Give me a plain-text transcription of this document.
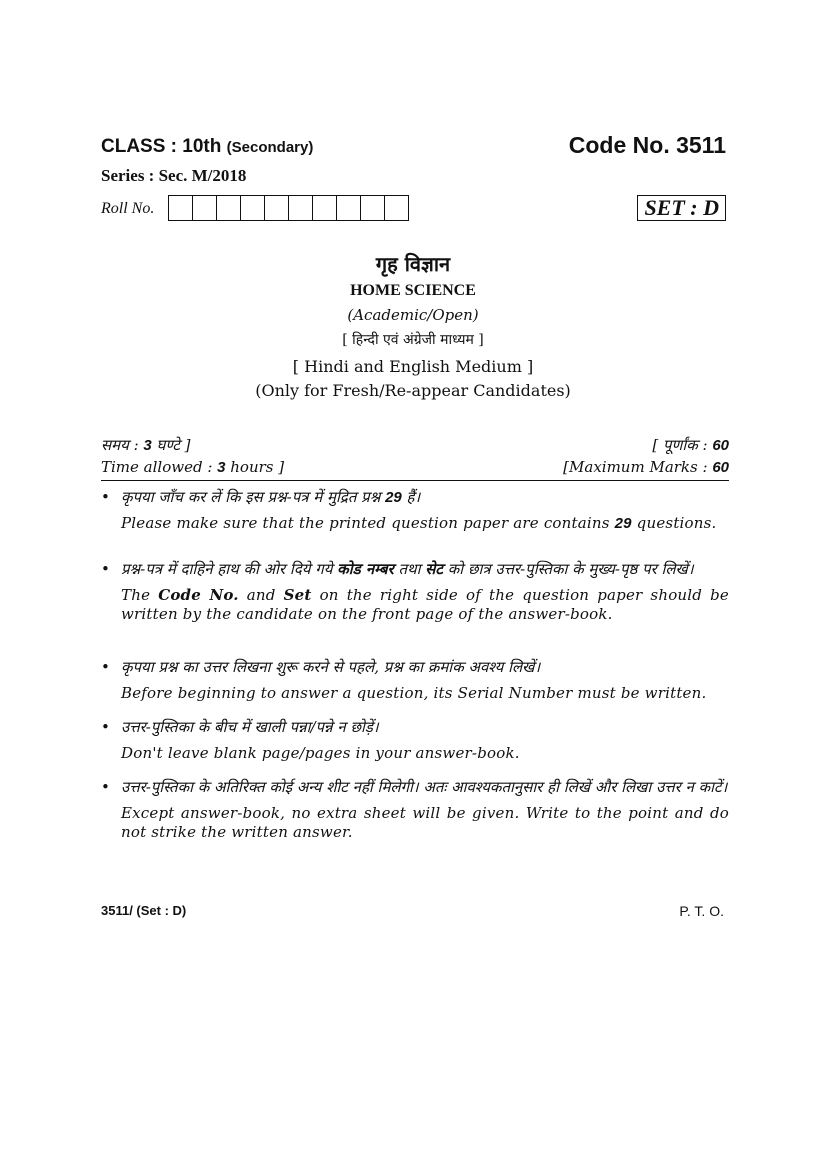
CLASS : 10th (Secondary)	Code No. 3511
Series : Sec. M/2018
Roll No.	SET : D
गृह विज्ञान
HOME SCIENCE
(Academic/Open)
[ हिन्दी एवं अंग्रेजी माध्यम ]
[ Hindi and English Medium ]
(Only for Fresh/Re-appear Candidates)
समय : 3 घण्टे ]	[ पूर्णांक : 60
Time allowed : 3 hours ]	[Maximum Marks : 60
• कृपया जाँच कर लें कि इस प्रश्न-पत्र में मुद्रित प्रश्न 29 हैं।
Please make sure that the printed question paper are contains 29 questions.
• प्रश्न-पत्र में दाहिने हाथ की ओर दिये गये कोड नम्बर तथा सेट को छात्र उत्तर-पुस्तिका के मुख्य-पृष्ठ पर लिखें।
The Code No. and Set on the right side of the question paper should be written by the candidate on the front page of the answer-book.
• कृपया प्रश्न का उत्तर लिखना शुरू करने से पहले, प्रश्न का क्रमांक अवश्य लिखें।
Before beginning to answer a question, its Serial Number must be written.
• उत्तर-पुस्तिका के बीच में खाली पन्ना/पन्ने न छोड़ें।
Don't leave blank page/pages in your answer-book.
• उत्तर-पुस्तिका के अतिरिक्त कोई अन्य शीट नहीं मिलेगी। अतः आवश्यकतानुसार ही लिखें और लिखा उत्तर न काटें।
Except answer-book, no extra sheet will be given. Write to the point and do not strike the written answer.
3511/ (Set : D)	P. T. O.
